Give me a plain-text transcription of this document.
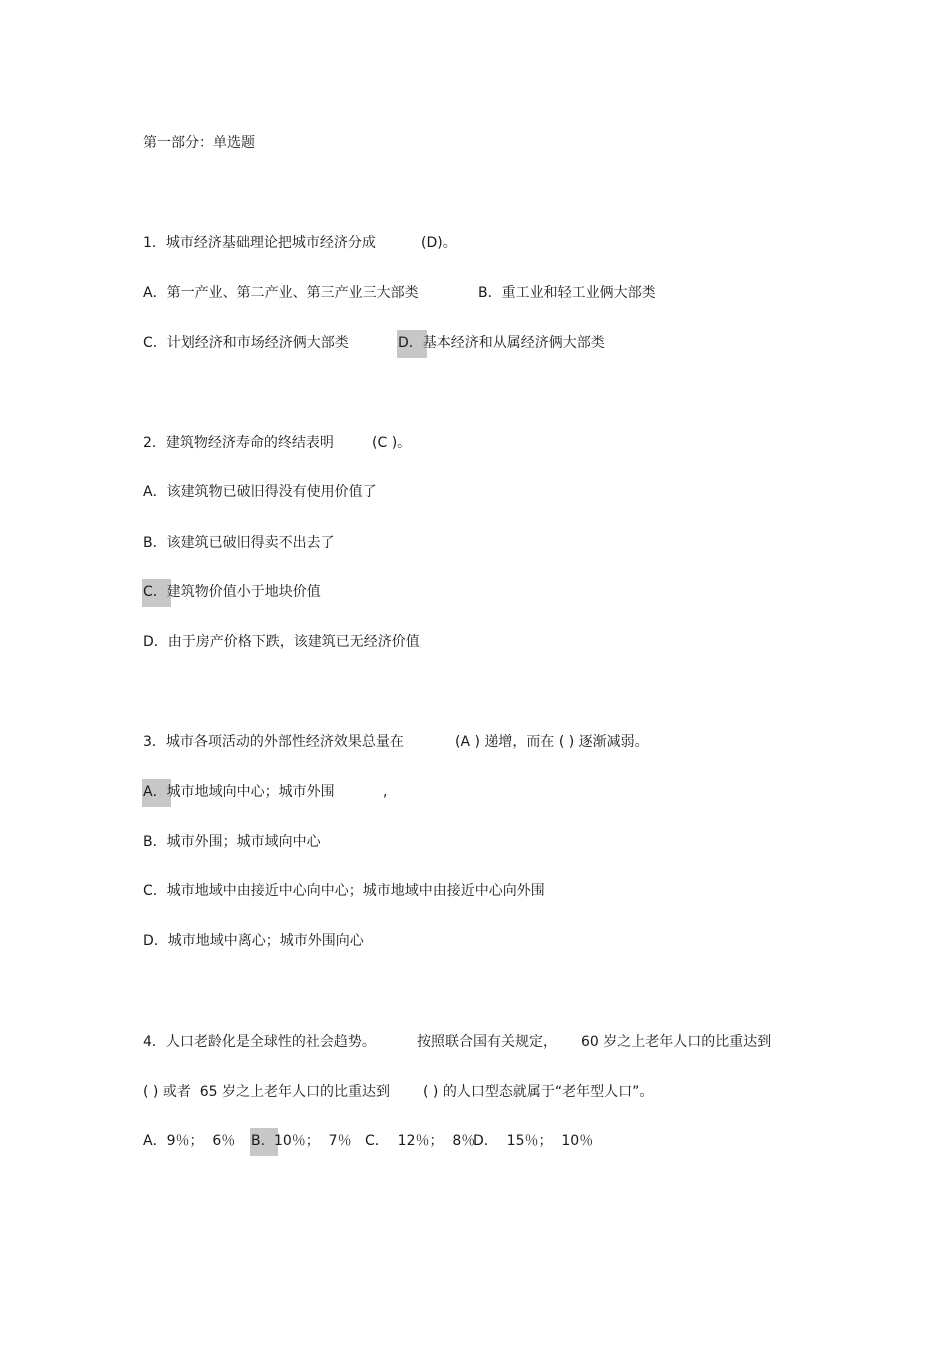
第一部分：单选题

1．城市经济基础理论把城市经济分成

	(D)。

A．第一产业、第二产业、第三产业三大部类

	B．重工业和轻工业俩大部类

C．计划经济和市场经济俩大部类

	D．基本经济和从属经济俩大部类

2．建筑物经济寿命的终结表明

	(C )。

A．该建筑物已破旧得没有使用价值了
B．该建筑已破旧得卖不出去了

C．建筑物价值小于地块价值

D．由于房产价格下跌，该建筑已无经济价值

3．城市各项活动的外部性经济效果总量在

	(A ) 递增，而在 ( ) 逐渐减弱。

A．城市地域向中心；城市外围

	,

B．城市外围；城市域向中心
C．城市地域中由接近中心向中心；城市地域中由接近中心向外围
D．城市地域中离心；城市外围向心

4．人口老龄化是全球性的社会趋势。

	按照联合国有关规定，

60 岁之上老年人口的比重达到

( ) 或者  65 岁之上老年人口的比重达到

( ) 的人口型态就属于“老年型人口”。

A．9％；  6％

B.  10％；  7％

C．  12％；  8％

D．  15％；  10％
